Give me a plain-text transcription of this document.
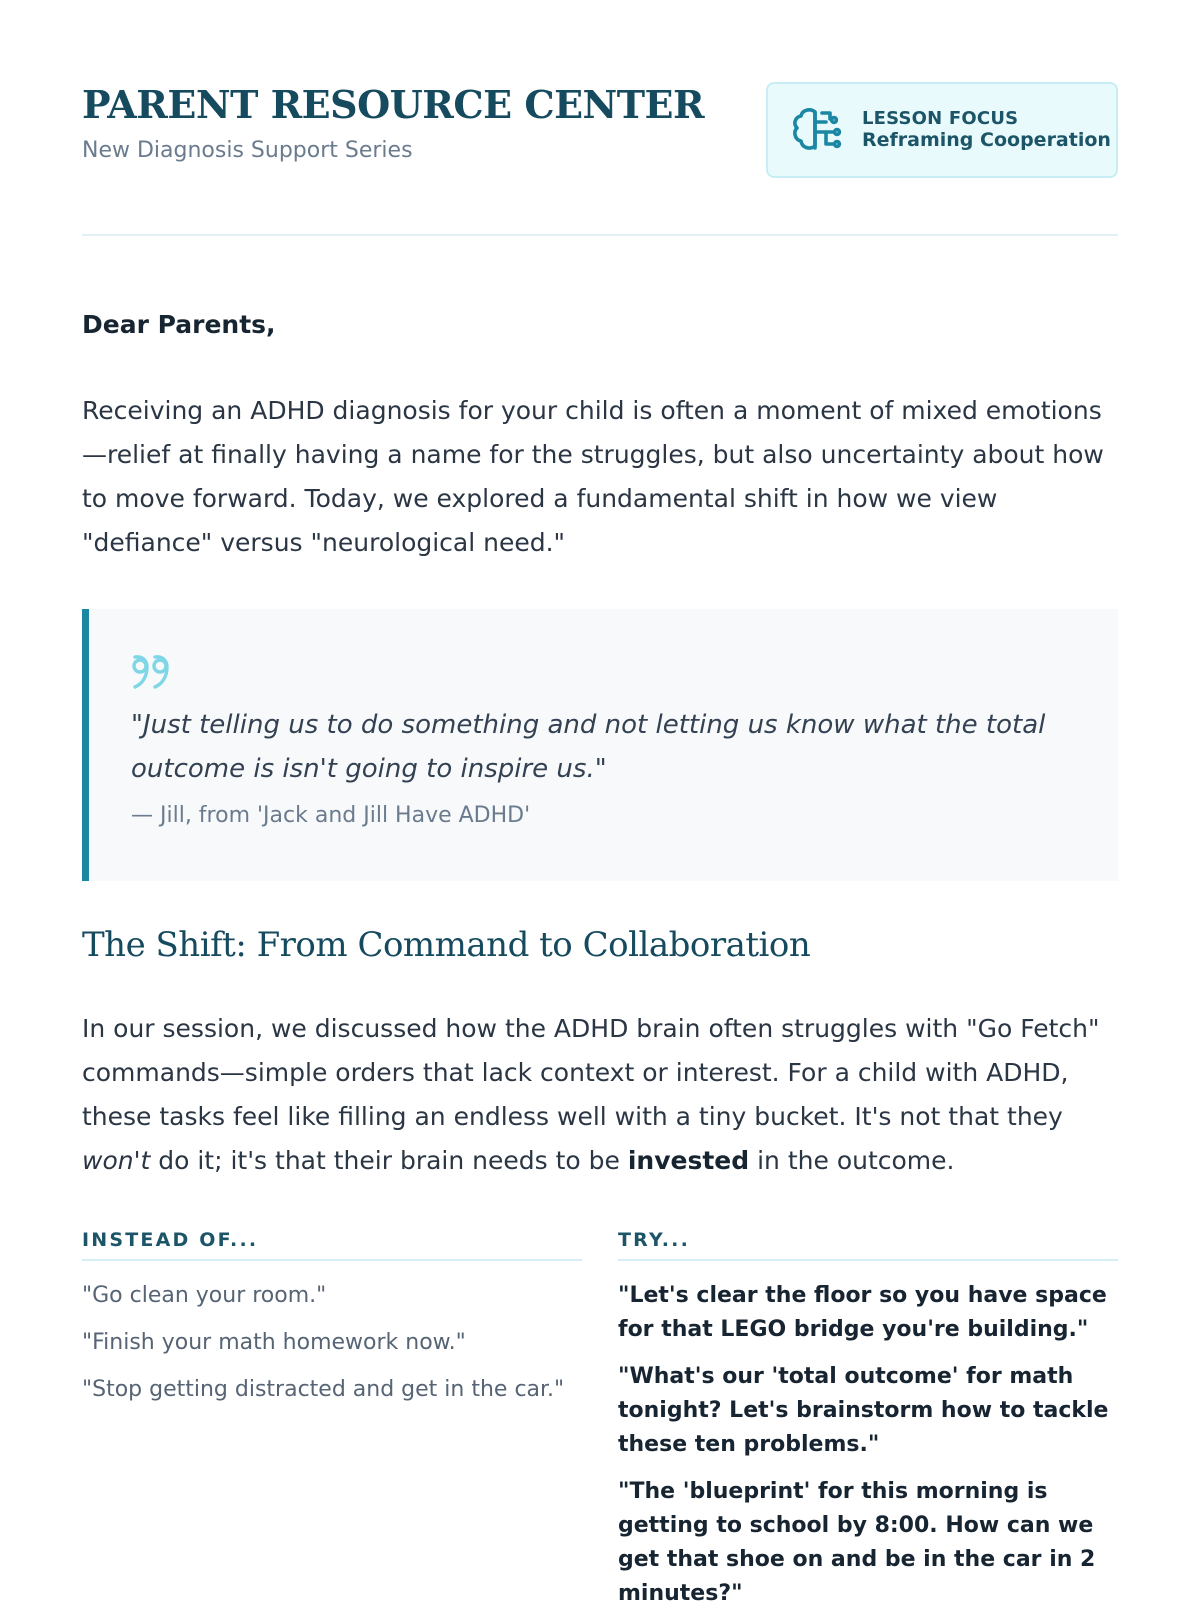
PARENT RESOURCE CENTER
New Diagnosis Support Series
LESSON FOCUS
Reframing Cooperation
Dear Parents,

Receiving an ADHD diagnosis for your child is often a moment of mixed emotions—relief at finally having a name for the struggles, but also uncertainty about how to move forward. Today, we explored a fundamental shift in how we view "defiance" versus "neurological need."

"Just telling us to do something and not letting us know what the total outcome is isn't going to inspire us."
— Jill, from 'Jack and Jill Have ADHD'
The Shift: From Command to Collaboration

In our session, we discussed how the ADHD brain often struggles with "Go Fetch" commands—simple orders that lack context or interest. For a child with ADHD, these tasks feel like filling an endless well with a tiny bucket. It's not that they won't do it; it's that their brain needs to be invested in the outcome.

INSTEAD OF...
"Go clean your room."
"Finish your math homework now."
"Stop getting distracted and get in the car."
TRY...
"Let's clear the floor so you have space for that LEGO bridge you're building."
"What's our 'total outcome' for math tonight? Let's brainstorm how to tackle these ten problems."
"The 'blueprint' for this morning is getting to school by 8:00. How can we get that shoe on and be in the car in 2 minutes?"
